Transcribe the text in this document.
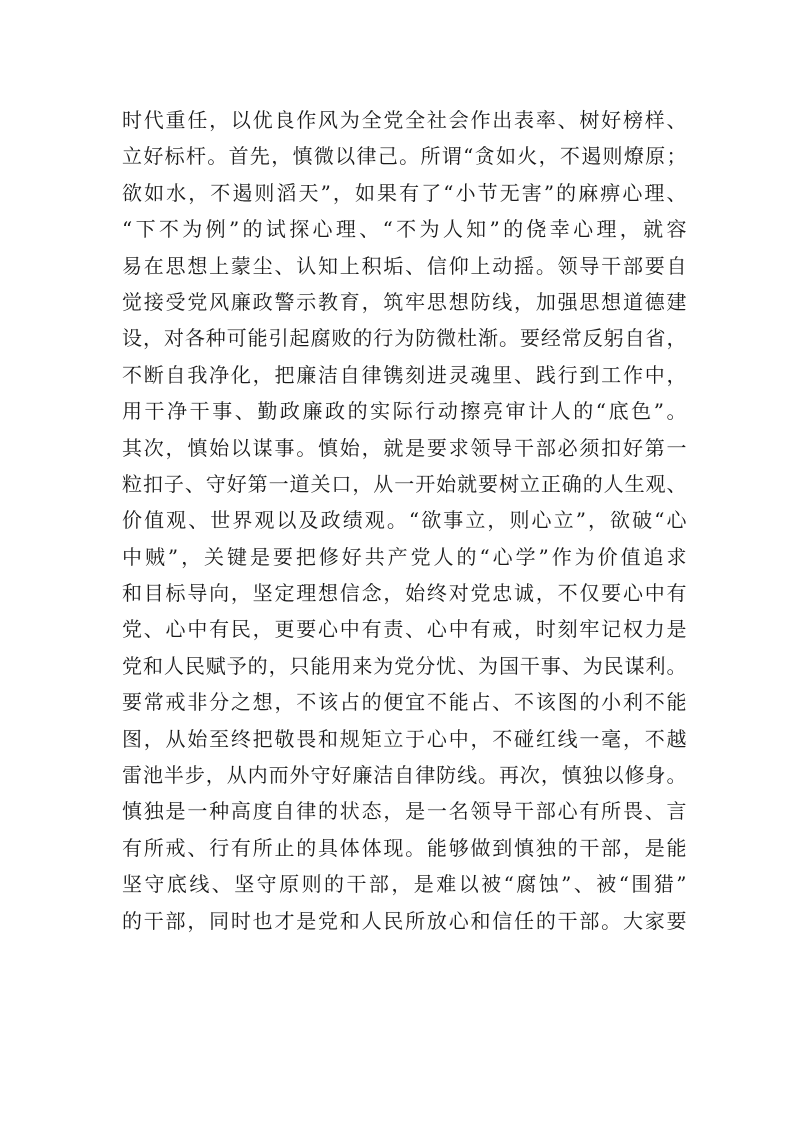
时代重任，以优良作风为全党全社会作出表率、树好榜样、
立好标杆。首先，慎微以律己。所谓“贪如火，不遏则燎原；
欲如水，不遏则滔天”，如果有了“小节无害”的麻痹心理、
“下不为例”的试探心理、“不为人知”的侥幸心理，就容
易在思想上蒙尘、认知上积垢、信仰上动摇。领导干部要自
觉接受党风廉政警示教育，筑牢思想防线，加强思想道德建
设，对各种可能引起腐败的行为防微杜渐。要经常反躬自省，
不断自我净化，把廉洁自律镌刻进灵魂里、践行到工作中，
用干净干事、勤政廉政的实际行动擦亮审计人的“底色”。
其次，慎始以谋事。慎始，就是要求领导干部必须扣好第一
粒扣子、守好第一道关口，从一开始就要树立正确的人生观、
价值观、世界观以及政绩观。“欲事立，则心立”，欲破“心
中贼”，关键是要把修好共产党人的“心学”作为价值追求
和目标导向，坚定理想信念，始终对党忠诚，不仅要心中有
党、心中有民，更要心中有责、心中有戒，时刻牢记权力是
党和人民赋予的，只能用来为党分忧、为国干事、为民谋利。
要常戒非分之想，不该占的便宜不能占、不该图的小利不能
图，从始至终把敬畏和规矩立于心中，不碰红线一毫，不越
雷池半步，从内而外守好廉洁自律防线。再次，慎独以修身。
慎独是一种高度自律的状态，是一名领导干部心有所畏、言
有所戒、行有所止的具体体现。能够做到慎独的干部，是能
坚守底线、坚守原则的干部，是难以被“腐蚀”、被“围猎”
的干部，同时也才是党和人民所放心和信任的干部。大家要
